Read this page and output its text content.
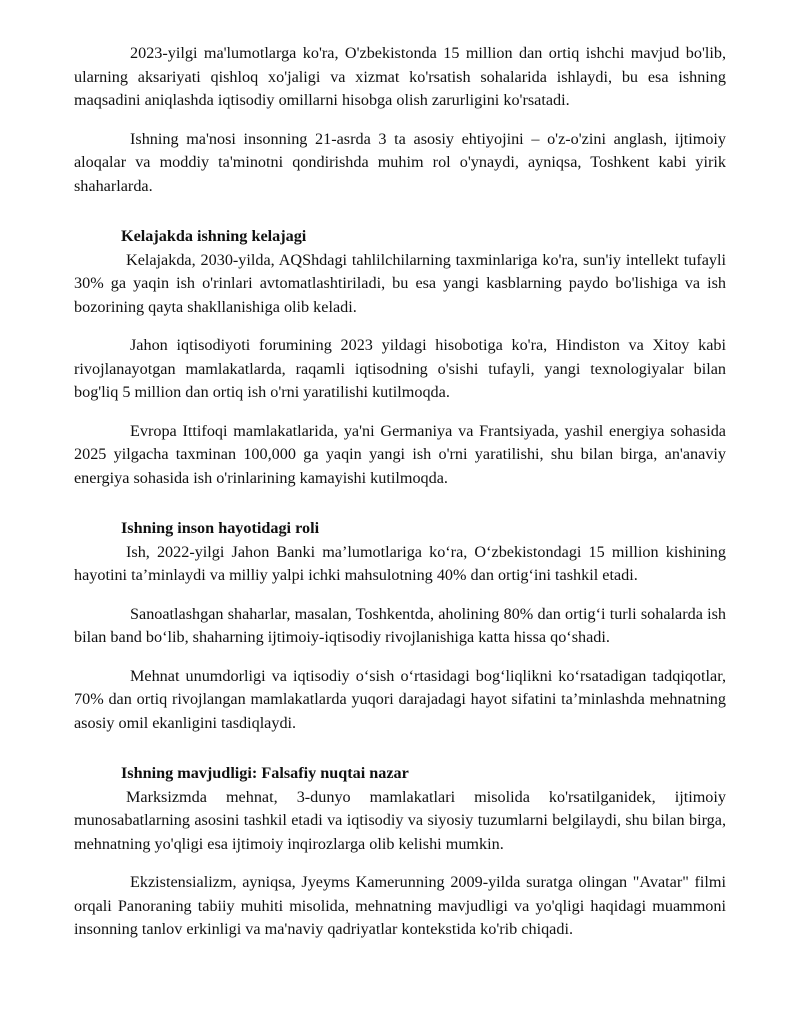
2023-yilgi ma'lumotlarga ko'ra, O'zbekistonda 15 million dan ortiq ishchi mavjud bo'lib, ularning aksariyati qishloq xo'jaligi va xizmat ko'rsatish sohalarida ishlaydi, bu esa ishning maqsadini aniqlashda iqtisodiy omillarni hisobga olish zarurligini ko'rsatadi.

Ishning ma'nosi insonning 21-asrda 3 ta asosiy ehtiyojini – o'z-o'zini anglash, ijtimoiy aloqalar va moddiy ta'minotni qondirishda muhim rol o'ynaydi, ayniqsa, Toshkent kabi yirik shaharlarda.

Kelajakda ishning kelajagi

Kelajakda, 2030-yilda, AQShdagi tahlilchilarning taxminlariga ko'ra, sun'iy intellekt tufayli 30% ga yaqin ish o'rinlari avtomatlashtiriladi, bu esa yangi kasblarning paydo bo'lishiga va ish bozorining qayta shakllanishiga olib keladi.

Jahon iqtisodiyoti forumining 2023 yildagi hisobotiga ko'ra, Hindiston va Xitoy kabi rivojlanayotgan mamlakatlarda, raqamli iqtisodning o'sishi tufayli, yangi texnologiyalar bilan bog'liq 5 million dan ortiq ish o'rni yaratilishi kutilmoqda.

Evropa Ittifoqi mamlakatlarida, ya'ni Germaniya va Frantsiyada, yashil energiya sohasida 2025 yilgacha taxminan 100,000 ga yaqin yangi ish o'rni yaratilishi, shu bilan birga, an'anaviy energiya sohasida ish o'rinlarining kamayishi kutilmoqda.

Ishning inson hayotidagi roli

Ish, 2022-yilgi Jahon Banki ma’lumotlariga ko‘ra, O‘zbekistondagi 15 million kishining hayotini ta’minlaydi va milliy yalpi ichki mahsulotning 40% dan ortig‘ini tashkil etadi.

Sanoatlashgan shaharlar, masalan, Toshkentda, aholining 80% dan ortig‘i turli sohalarda ish bilan band bo‘lib, shaharning ijtimoiy-iqtisodiy rivojlanishiga katta hissa qo‘shadi.

Mehnat unumdorligi va iqtisodiy o‘sish o‘rtasidagi bog‘liqlikni ko‘rsatadigan tadqiqotlar, 70% dan ortiq rivojlangan mamlakatlarda yuqori darajadagi hayot sifatini ta’minlashda mehnatning asosiy omil ekanligini tasdiqlaydi.

Ishning mavjudligi: Falsafiy nuqtai nazar

Marksizmda mehnat, 3-dunyo mamlakatlari misolida ko'rsatilganidek, ijtimoiy munosabatlarning asosini tashkil etadi va iqtisodiy va siyosiy tuzumlarni belgilaydi, shu bilan birga, mehnatning yo'qligi esa ijtimoiy inqirozlarga olib kelishi mumkin.

Ekzistensializm, ayniqsa, Jyeyms Kamerunning 2009-yilda suratga olingan "Avatar" filmi orqali Panoraning tabiiy muhiti misolida, mehnatning mavjudligi va yo'qligi haqidagi muammoni insonning tanlov erkinligi va ma'naviy qadriyatlar kontekstida ko'rib chiqadi.
